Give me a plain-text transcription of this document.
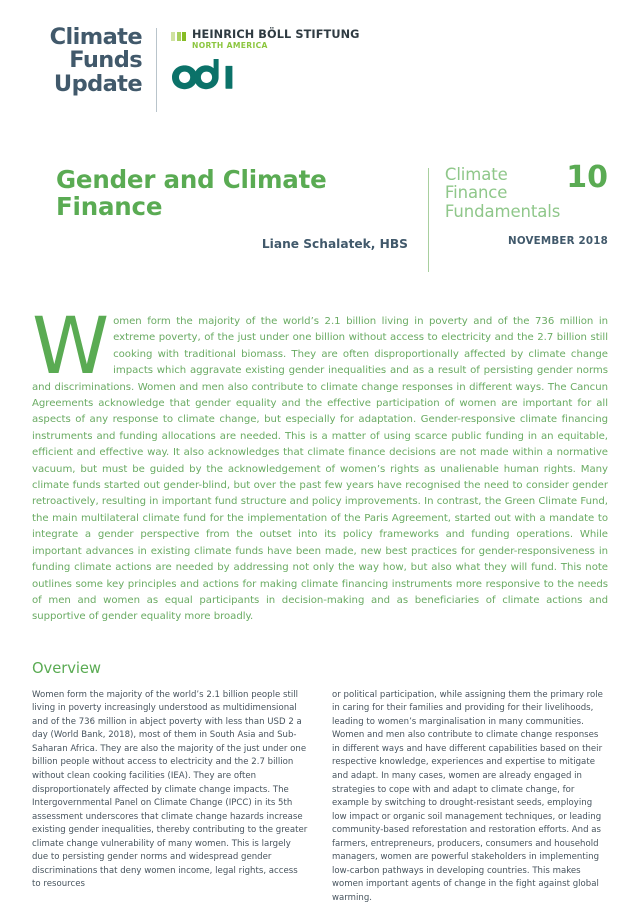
Climate
Funds
Update
HEINRICH BÖLL STIFTUNG
NORTH AMERICA
Gender and Climate Finance
Liane Schalatek, HBS
Climate
Finance
Fundamentals
10
NOVEMBER 2018
Women form the majority of the world’s 2.1 billion living in poverty and of the 736 million in extreme poverty, of the just under one billion without access to electricity and the 2.7 billion still cooking with traditional biomass. They are often disproportionally affected by climate change impacts which aggravate existing gender inequalities and as a result of persisting gender norms and discriminations. Women and men also contribute to climate change responses in different ways. The Cancun Agreements acknowledge that gender equality and the effective participation of women are important for all aspects of any response to climate change, but especially for adaptation. Gender-responsive climate financing instruments and funding allocations are needed. This is a matter of using scarce public funding in an equitable, efficient and effective way. It also acknowledges that climate finance decisions are not made within a normative vacuum, but must be guided by the acknowledgement of women’s rights as unalienable human rights. Many climate funds started out gender-blind, but over the past few years have recognised the need to consider gender retroactively, resulting in important fund structure and policy improvements. In contrast, the Green Climate Fund, the main multilateral climate fund for the implementation of the Paris Agreement, started out with a mandate to integrate a gender perspective from the outset into its policy frameworks and funding operations. While important advances in existing climate funds have been made, new best practices for gender-responsiveness in funding climate actions are needed by addressing not only the way how, but also what they will fund. This note outlines some key principles and actions for making climate financing instruments more responsive to the needs of men and women as equal participants in decision-making and as beneficiaries of climate actions and supportive of gender equality more broadly.
Overview

Women form the majority of the world’s 2.1 billion people still living in poverty increasingly understood as multidimensional and of the 736 million in abject poverty with less than USD 2 a day (World Bank, 2018), most of them in South Asia and Sub-Saharan Africa. They are also the majority of the just under one billion people without access to electricity and the 2.7 billion without clean cooking facilities (IEA). They are often disproportionately affected by climate change impacts. The Intergovernmental Panel on Climate Change (IPCC) in its 5th assessment underscores that climate change hazards increase existing gender inequalities, thereby contributing to the greater climate change vulnerability of many women. This is largely due to persisting gender norms and widespread gender discriminations that deny women income, legal rights, access to resources

or political participation, while assigning them the primary role in caring for their families and providing for their livelihoods, leading to women’s marginalisation in many communities. Women and men also contribute to climate change responses in different ways and have different capabilities based on their respective knowledge, experiences and expertise to mitigate and adapt. In many cases, women are already engaged in strategies to cope with and adapt to climate change, for example by switching to drought-resistant seeds, employing low impact or organic soil management techniques, or leading community-based reforestation and restoration efforts. And as farmers, entrepreneurs, producers, consumers and household managers, women are powerful stakeholders in implementing low-carbon pathways in developing countries. This makes women important agents of change in the fight against global warming.
